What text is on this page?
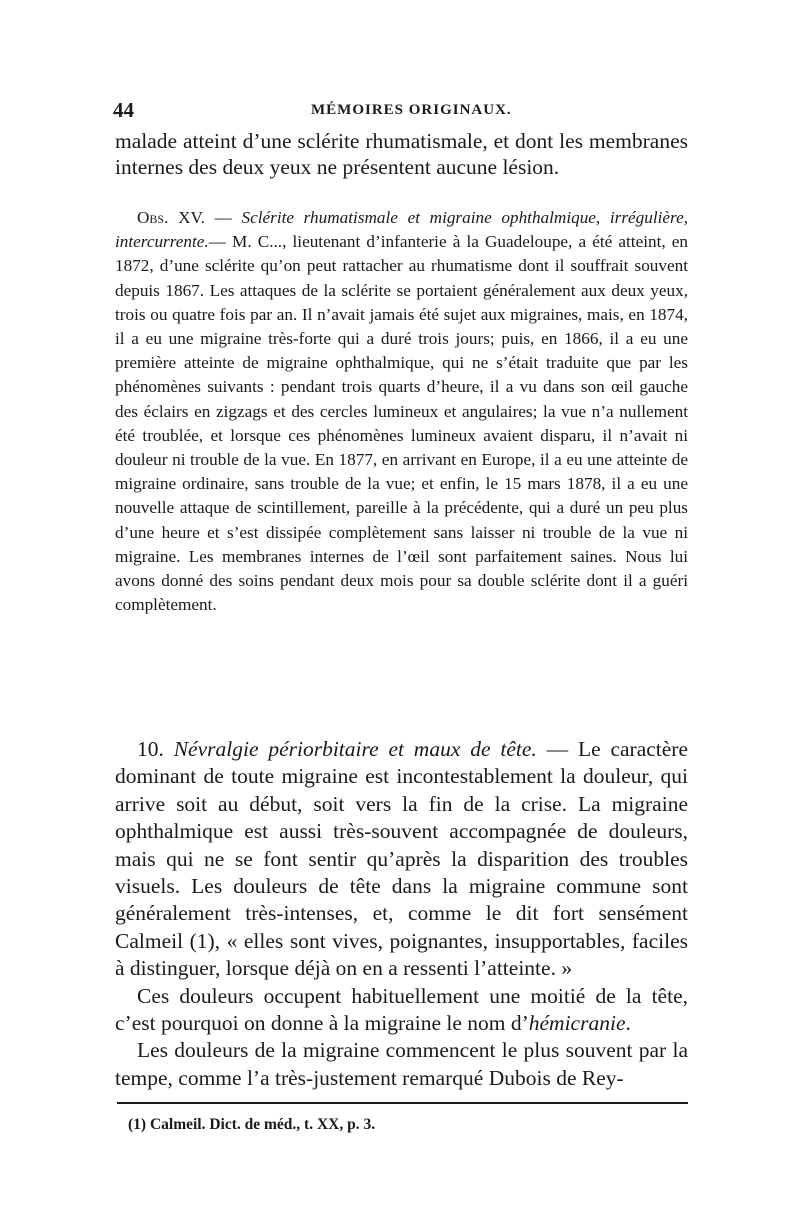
44	MÉMOIRES ORIGINAUX.

malade atteint d’une sclérite rhumatismale, et dont les membranes internes des deux yeux ne présentent aucune lésion.

Obs. XV. — Sclérite rhumatismale et migraine ophthalmique, irrégulière, intercurrente.— M. C..., lieutenant d’infanterie à la Guadeloupe, a été atteint, en 1872, d’une sclérite qu’on peut rattacher au rhumatisme dont il souffrait souvent depuis 1867. Les attaques de la sclérite se portaient généralement aux deux yeux, trois ou quatre fois par an. Il n’avait jamais été sujet aux migraines, mais, en 1874, il a eu une migraine très-forte qui a duré trois jours; puis, en 1866, il a eu une première atteinte de migraine ophthalmique, qui ne s’était traduite que par les phénomènes suivants : pendant trois quarts d’heure, il a vu dans son œil gauche des éclairs en zigzags et des cercles lumineux et angulaires; la vue n’a nullement été troublée, et lorsque ces phénomènes lumineux avaient disparu, il n’avait ni douleur ni trouble de la vue. En 1877, en arrivant en Europe, il a eu une atteinte de migraine ordinaire, sans trouble de la vue; et enfin, le 15 mars 1878, il a eu une nouvelle attaque de scintillement, pareille à la précédente, qui a duré un peu plus d’une heure et s’est dissipée complètement sans laisser ni trouble de la vue ni migraine. Les membranes internes de l’œil sont parfaitement saines. Nous lui avons donné des soins pendant deux mois pour sa double sclérite dont il a guéri complètement.

10. Névralgie périorbitaire et maux de tête. — Le caractère dominant de toute migraine est incontestablement la douleur, qui arrive soit au début, soit vers la fin de la crise. La migraine ophthalmique est aussi très-souvent accompagnée de douleurs, mais qui ne se font sentir qu’après la disparition des troubles visuels. Les douleurs de tête dans la migraine commune sont généralement très-intenses, et, comme le dit fort sensément Calmeil (1), « elles sont vives, poignantes, insupportables, faciles à distinguer, lorsque déjà on en a ressenti l’atteinte. »

Ces douleurs occupent habituellement une moitié de la tête, c’est pourquoi on donne à la migraine le nom d’hémicranie.

Les douleurs de la migraine commencent le plus souvent par la tempe, comme l’a très-justement remarqué Dubois de Rey-

(1) Calmeil. Dict. de méd., t. XX, p. 3.
